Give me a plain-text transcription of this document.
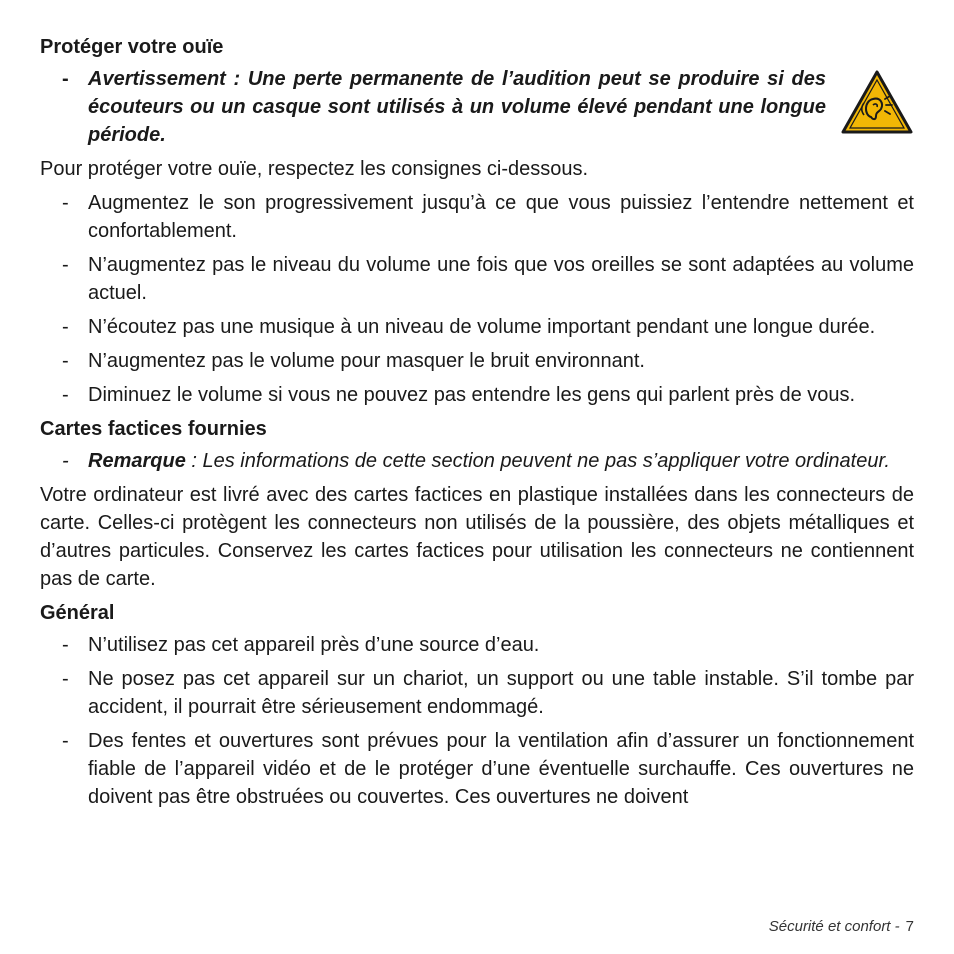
Protéger votre ouïe
- Avertissement : Une perte permanente de l’audition peut se produire si des écouteurs ou un casque sont utilisés à un volume élevé pendant une longue période.
Pour protéger votre ouïe, respectez les consignes ci-dessous.
- Augmentez le son progressivement jusqu’à ce que vous puissiez l’entendre nettement et confortablement.
- N’augmentez pas le niveau du volume une fois que vos oreilles se sont adaptées au volume actuel.
- N’écoutez pas une musique à un niveau de volume important pendant une longue durée.
- N’augmentez pas le volume pour masquer le bruit environnant.
- Diminuez le volume si vous ne pouvez pas entendre les gens qui parlent près de vous.
Cartes factices fournies
- Remarque : Les informations de cette section peuvent ne pas s’appliquer votre ordinateur.
Votre ordinateur est livré avec des cartes factices en plastique installées dans les connecteurs de carte. Celles-ci protègent les connecteurs non utilisés de la poussière, des objets métalliques et d’autres particules. Conservez les cartes factices pour utilisation les connecteurs ne contiennent pas de carte.
Général
- N’utilisez pas cet appareil près d’une source d’eau.
- Ne posez pas cet appareil sur un chariot, un support ou une table instable. S’il tombe par accident, il pourrait être sérieusement endommagé.
- Des fentes et ouvertures sont prévues pour la ventilation afin d’assurer un fonctionnement fiable de l’appareil vidéo et de le protéger d’une éventuelle surchauffe. Ces ouvertures ne doivent pas être obstruées ou couvertes. Ces ouvertures ne doivent
Sécurité et confort - 7
